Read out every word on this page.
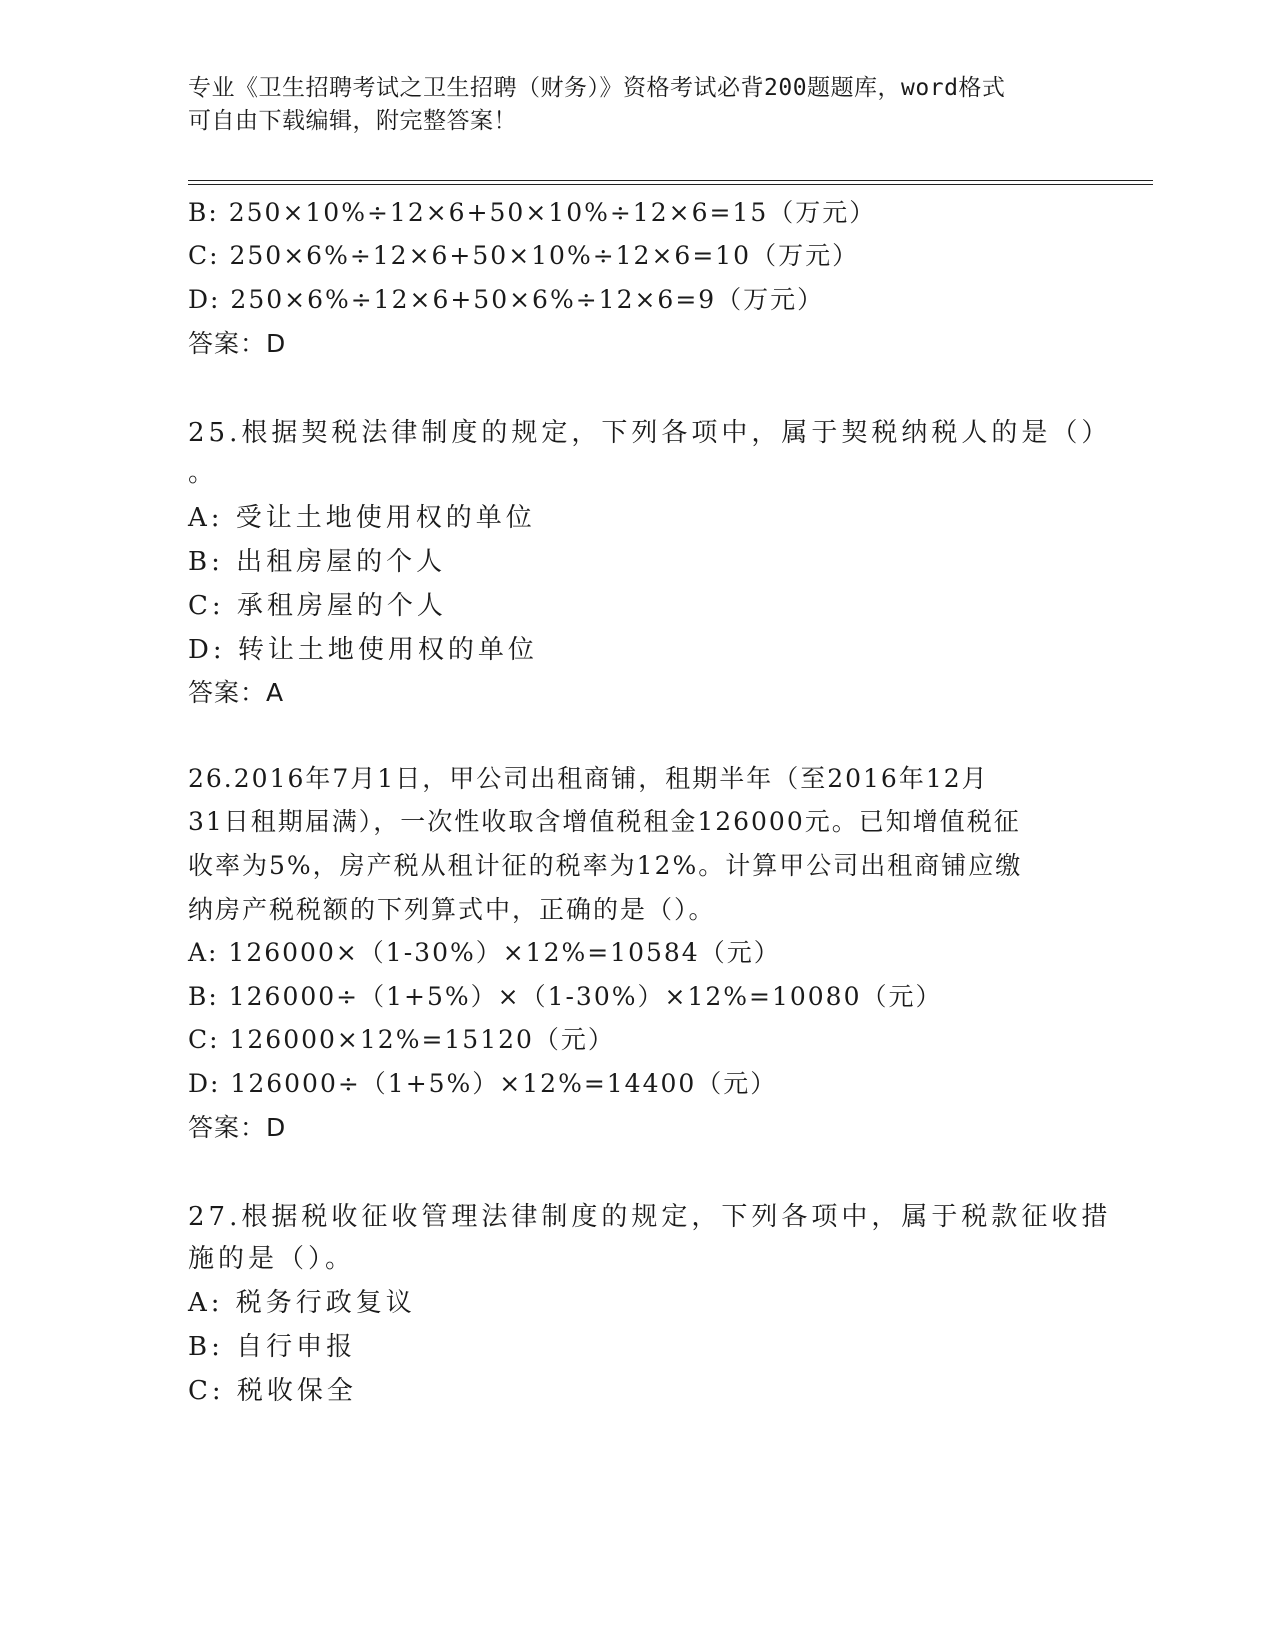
专业《卫生招聘考试之卫生招聘（财务）》资格考试必背200题题库，word格式
可自由下载编辑，附完整答案！
B: 250×10%÷12×6+50×10%÷12×6=15（万元）
C: 250×6%÷12×6+50×10%÷12×6=10（万元）
D: 250×6%÷12×6+50×6%÷12×6=9（万元）
答案：D
25.根据契税法律制度的规定，下列各项中，属于契税纳税人的是（）
。
A: 受让土地使用权的单位
B: 出租房屋的个人
C: 承租房屋的个人
D: 转让土地使用权的单位
答案：A
26.2016年7月1日，甲公司出租商铺，租期半年（至2016年12月
31日租期届满），一次性收取含增值税租金126000元。已知增值税征
收率为5%，房产税从租计征的税率为12%。计算甲公司出租商铺应缴
纳房产税税额的下列算式中，正确的是（）。
A: 126000×（1-30%）×12%=10584（元）
B: 126000÷（1+5%）×（1-30%）×12%=10080（元）
C: 126000×12%=15120（元）
D: 126000÷（1+5%）×12%=14400（元）
答案：D
27.根据税收征收管理法律制度的规定，下列各项中，属于税款征收措
施的是（）。
A: 税务行政复议
B: 自行申报
C: 税收保全
